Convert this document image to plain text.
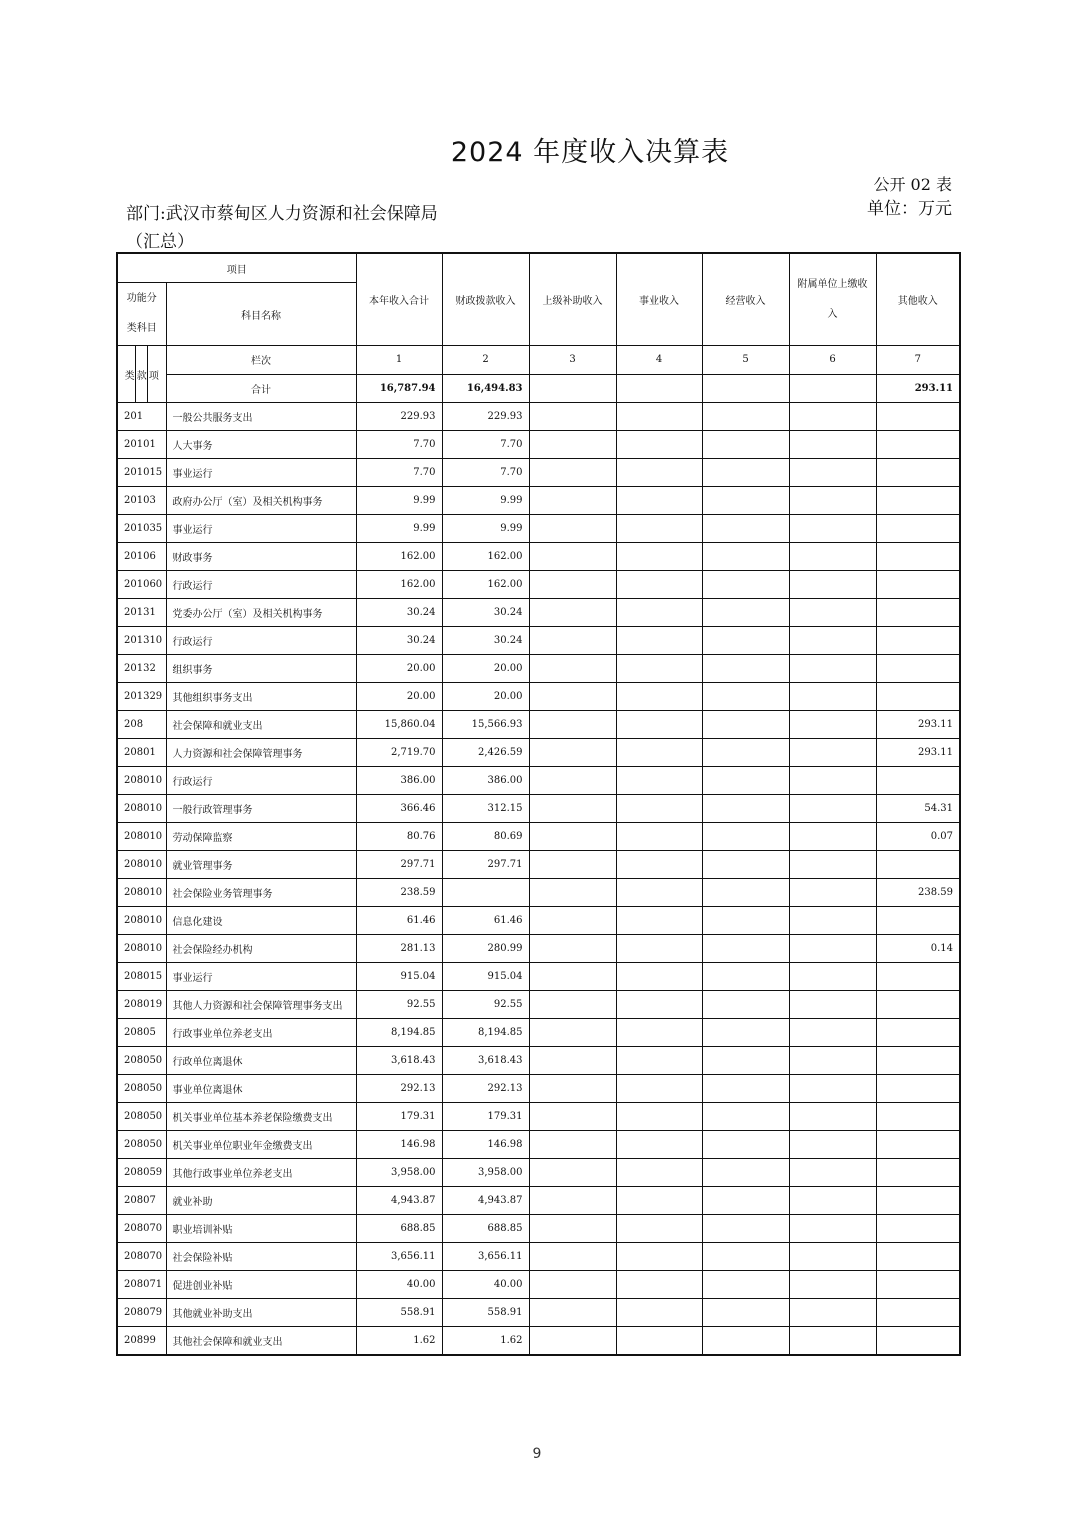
2024 年度收入决算表
公开 02 表
部门:武汉市蔡甸区人力资源和社会保障局（汇总）
单位：万元
项目		本年收入合计	财政拨款收入	上级补助收入	事业收入	经营收入	附属单位上缴收入	其他收入
功能分类科目	科目名称							

类 款 项	栏次	1	2	3	4	5	6	7
	合计	16,787.94	16,494.83					293.11
201	一般公共服务支出	229.93	229.93					
20101	人大事务	7.70	7.70					
201015	事业运行	7.70	7.70					
20103	政府办公厅（室）及相关机构事务	9.99	9.99					
201035	事业运行	9.99	9.99					
20106	财政事务	162.00	162.00					
201060	行政运行	162.00	162.00					
20131	党委办公厅（室）及相关机构事务	30.24	30.24					
201310	行政运行	30.24	30.24					
20132	组织事务	20.00	20.00					
201329	其他组织事务支出	20.00	20.00					
208	社会保障和就业支出	15,860.04	15,566.93					293.11
20801	人力资源和社会保障管理事务	2,719.70	2,426.59					293.11
208010	行政运行	386.00	386.00					
208010	一般行政管理事务	366.46	312.15					54.31
208010	劳动保障监察	80.76	80.69					0.07
208010	就业管理事务	297.71	297.71					
208010	社会保险业务管理事务	238.59						238.59
208010	信息化建设	61.46	61.46					
208010	社会保险经办机构	281.13	280.99					0.14
208015	事业运行	915.04	915.04					
208019	其他人力资源和社会保障管理事务支出	92.55	92.55					
20805	行政事业单位养老支出	8,194.85	8,194.85					
208050	行政单位离退休	3,618.43	3,618.43					
208050	事业单位离退休	292.13	292.13					
208050	机关事业单位基本养老保险缴费支出	179.31	179.31					
208050	机关事业单位职业年金缴费支出	146.98	146.98					
208059	其他行政事业单位养老支出	3,958.00	3,958.00					
20807	就业补助	4,943.87	4,943.87					
208070	职业培训补贴	688.85	688.85					
208070	社会保险补贴	3,656.11	3,656.11					
208071	促进创业补贴	40.00	40.00					
208079	其他就业补助支出	558.91	558.91					
20899	其他社会保障和就业支出	1.62	1.62					
9
